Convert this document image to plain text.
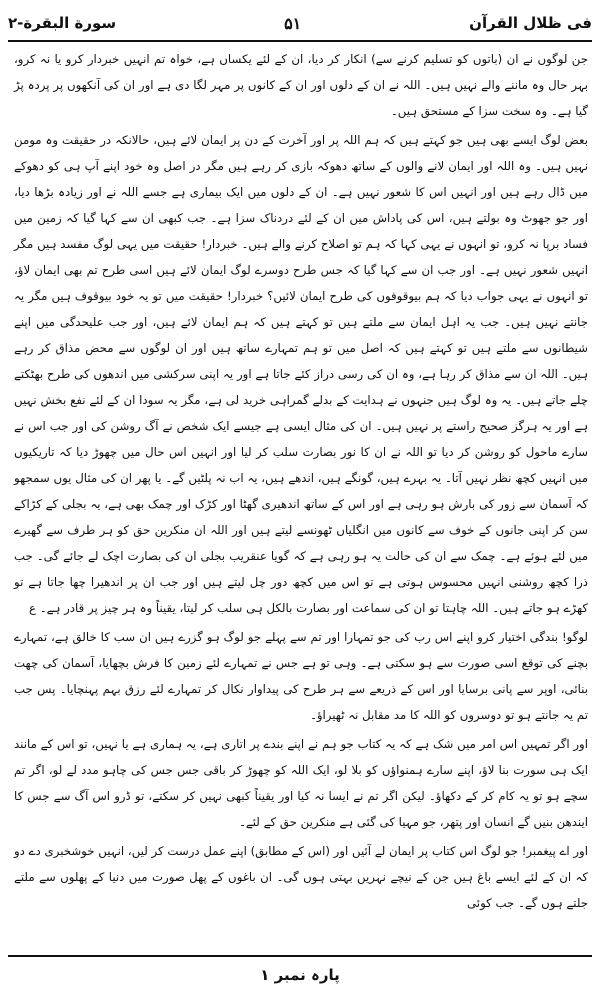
فی ظلال القرآن
۵۱
سورة البقرة-۲

جن لوگوں نے ان (باتوں کو تسلیم کرنے سے) انکار کر دیا، ان کے لئے یکساں ہے، خواہ تم انہیں خبردار کرو یا نہ کرو، بہر حال وہ ماننے والے نہیں ہیں۔ اللہ نے ان کے دلوں اور ان کے کانوں پر مہر لگا دی ہے اور ان کی آنکھوں پر پردہ پڑ گیا ہے۔ وہ سخت سزا کے مستحق ہیں۔

بعض لوگ ایسے بھی ہیں جو کہتے ہیں کہ ہم اللہ پر اور آخرت کے دن پر ایمان لائے ہیں، حالانکہ در حقیقت وہ مومن نہیں ہیں۔ وہ اللہ اور ایمان لانے والوں کے ساتھ دھوکہ بازی کر رہے ہیں مگر در اصل وہ خود اپنے آپ ہی کو دھوکے میں ڈال رہے ہیں اور انہیں اس کا شعور نہیں ہے۔ ان کے دلوں میں ایک بیماری ہے جسے اللہ نے اور زیادہ بڑھا دیا، اور جو جھوٹ وہ بولتے ہیں، اس کی پاداش میں ان کے لئے دردناک سزا ہے۔ جب کبھی ان سے کہا گیا کہ زمین میں فساد برپا نہ کرو، تو انہوں نے یہی کہا کہ ہم تو اصلاح کرنے والے ہیں۔ خبردار! حقیقت میں یہی لوگ مفسد ہیں مگر انہیں شعور نہیں ہے۔ اور جب ان سے کہا گیا کہ جس طرح دوسرے لوگ ایمان لائے ہیں اسی طرح تم بھی ایمان لاؤ، تو انہوں نے یہی جواب دیا کہ ہم بیوقوفوں کی طرح ایمان لائیں؟ خبردار! حقیقت میں تو یہ خود بیوقوف ہیں مگر یہ جانتے نہیں ہیں۔ جب یہ اہل ایمان سے ملتے ہیں تو کہتے ہیں کہ ہم ایمان لائے ہیں، اور جب علیحدگی میں اپنے شیطانوں سے ملتے ہیں تو کہتے ہیں کہ اصل میں تو ہم تمہارے ساتھ ہیں اور ان لوگوں سے محض مذاق کر رہے ہیں۔ اللہ ان سے مذاق کر رہا ہے، وہ ان کی رسی دراز کئے جاتا ہے اور یہ اپنی سرکشی میں اندھوں کی طرح بھٹکتے چلے جاتے ہیں۔ یہ وہ لوگ ہیں جنہوں نے ہدایت کے بدلے گمراہی خرید لی ہے، مگر یہ سودا ان کے لئے نفع بخش نہیں ہے اور یہ ہرگز صحیح راستے پر نہیں ہیں۔ ان کی مثال ایسی ہے جیسے ایک شخص نے آگ روشن کی اور جب اس نے سارے ماحول کو روشن کر دیا تو اللہ نے ان کا نور بصارت سلب کر لیا اور انہیں اس حال میں چھوڑ دیا کہ تاریکیوں میں انہیں کچھ نظر نہیں آتا۔ یہ بہرے ہیں، گونگے ہیں، اندھے ہیں، یہ اب نہ پلٹیں گے۔ یا پھر ان کی مثال یوں سمجھو کہ آسمان سے زور کی بارش ہو رہی ہے اور اس کے ساتھ اندھیری گھٹا اور کڑک اور چمک بھی ہے، یہ بجلی کے کڑاکے سن کر اپنی جانوں کے خوف سے کانوں میں انگلیاں ٹھونسے لیتے ہیں اور اللہ ان منکرین حق کو ہر طرف سے گھیرے میں لئے ہوئے ہے۔ چمک سے ان کی حالت یہ ہو رہی ہے کہ گویا عنقریب بجلی ان کی بصارت اچک لے جائے گی۔ جب ذرا کچھ روشنی انہیں محسوس ہوتی ہے تو اس میں کچھ دور چل لیتے ہیں اور جب ان پر اندھیرا چھا جاتا ہے تو کھڑے ہو جاتے ہیں۔ اللہ چاہتا تو ان کی سماعت اور بصارت بالکل ہی سلب کر لیتا، یقیناً وہ ہر چیز پر قادر ہے۔ ع

لوگو! بندگی اختیار کرو اپنے اس رب کی جو تمہارا اور تم سے پہلے جو لوگ ہو گزرے ہیں ان سب کا خالق ہے، تمہارے بچنے کی توقع اسی صورت سے ہو سکتی ہے۔ وہی تو ہے جس نے تمہارے لئے زمین کا فرش بچھایا، آسمان کی چھت بنائی، اوپر سے پانی برسایا اور اس کے ذریعے سے ہر طرح کی پیداوار نکال کر تمہارے لئے رزق بہم پہنچایا۔ پس جب تم یہ جانتے ہو تو دوسروں کو اللہ کا مد مقابل نہ ٹھیراؤ۔

اور اگر تمہیں اس امر میں شک ہے کہ یہ کتاب جو ہم نے اپنے بندے پر اتاری ہے، یہ ہماری ہے یا نہیں، تو اس کے مانند ایک ہی سورت بنا لاؤ، اپنے سارے ہمنواؤں کو بلا لو، ایک اللہ کو چھوڑ کر باقی جس جس کی چاہو مدد لے لو، اگر تم سچے ہو تو یہ کام کر کے دکھاؤ۔ لیکن اگر تم نے ایسا نہ کیا اور یقیناً کبھی نہیں کر سکتے، تو ڈرو اس آگ سے جس کا ایندھن بنیں گے انسان اور پتھر، جو مہیا کی گئی ہے منکرین حق کے لئے۔

اور اے پیغمبر! جو لوگ اس کتاب پر ایمان لے آئیں اور (اس کے مطابق) اپنے عمل درست کر لیں، انہیں خوشخبری دے دو کہ ان کے لئے ایسے باغ ہیں جن کے نیچے نہریں بہتی ہوں گی۔ ان باغوں کے پھل صورت میں دنیا کے پھلوں سے ملتے جلتے ہوں گے۔ جب کوئی

پارہ نمبر ۱
